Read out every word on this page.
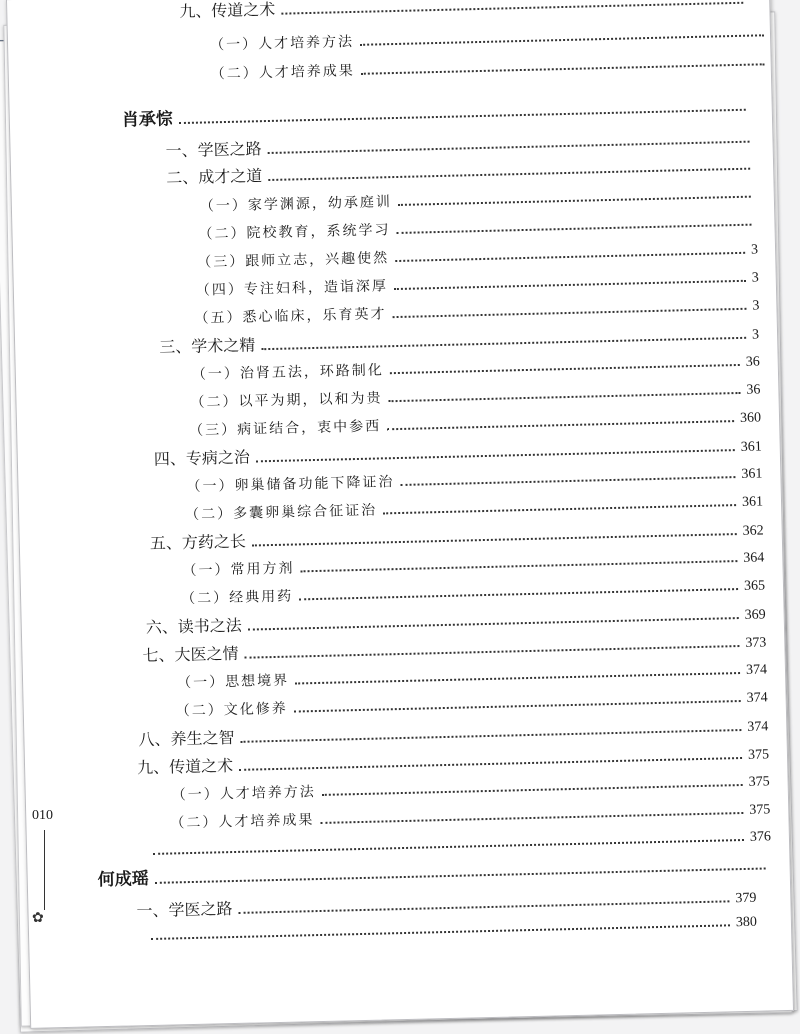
九、传道之术
（一）人才培养方法
（二）人才培养成果
肖承悰
一、学医之路
二、成才之道
（一）家学渊源，幼承庭训
（二）院校教育，系统学习
（三）跟师立志，兴趣使然
3
（四）专注妇科，造诣深厚
3
（五）悉心临床，乐育英才
3
三、学术之精
3
（一）治肾五法，环路制化
36
（二）以平为期，以和为贵
36
（三）病证结合，衷中参西
360
四、专病之治
361
（一）卵巢储备功能下降证治	361
（二）多囊卵巢综合征证治
361
五、方药之长
362
（一）常用方剂
364
（二）经典用药
365
六、读书之法
369
七、大医之情
373
（一）思想境界
374
（二）文化修养
374
八、养生之智
374
九、传道之术
375
（一）人才培养方法
375
（二）人才培养成果
375
376
何成瑶
一、学医之路
379
380
010
✿
